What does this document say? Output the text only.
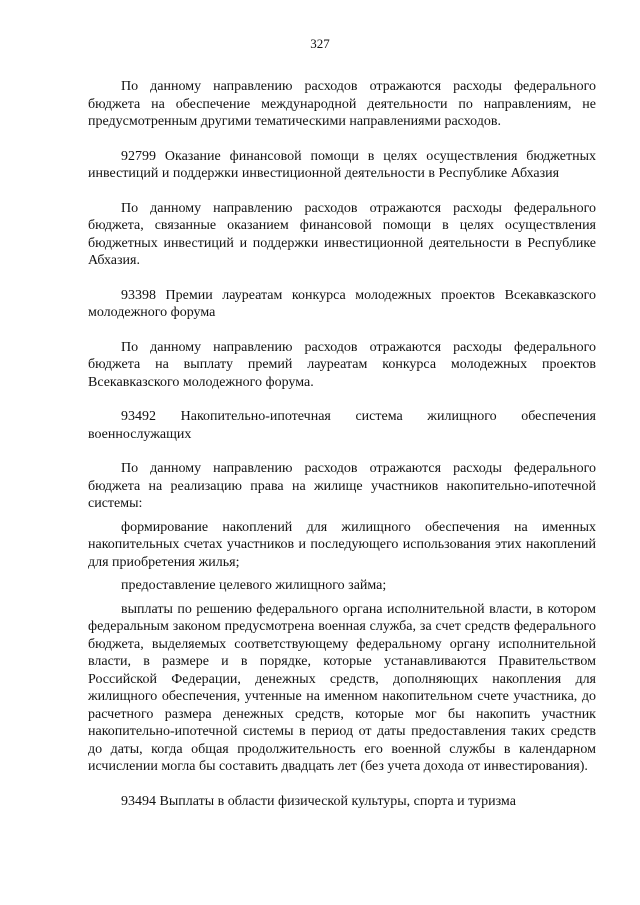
327

По данному направлению расходов отражаются расходы федерального бюджета на обеспечение международной деятельности по направлениям, не предусмотренным другими тематическими направлениями расходов.

92799 Оказание финансовой помощи в целях осуществления бюджетных инвестиций и поддержки инвестиционной деятельности в Республике Абхазия

По данному направлению расходов отражаются расходы федерального бюджета, связанные оказанием финансовой помощи в целях осуществления бюджетных инвестиций и поддержки инвестиционной деятельности в Республике Абхазия.

93398 Премии лауреатам конкурса молодежных проектов Всекавказского молодежного форума

По данному направлению расходов отражаются расходы федерального бюджета на выплату премий лауреатам конкурса молодежных проектов Всекавказского молодежного форума.

93492 Накопительно-ипотечная система жилищного обеспечения военнослужащих

По данному направлению расходов отражаются расходы федерального бюджета на реализацию права на жилище участников накопительно-ипотечной системы:

формирование накоплений для жилищного обеспечения на именных накопительных счетах участников и последующего использования этих накоплений для приобретения жилья;

предоставление целевого жилищного займа;

выплаты по решению федерального органа исполнительной власти, в котором федеральным законом предусмотрена военная служба, за счет средств федерального бюджета, выделяемых соответствующему федеральному органу исполнительной власти, в размере и в порядке, которые устанавливаются Правительством Российской Федерации, денежных средств, дополняющих накопления для жилищного обеспечения, учтенные на именном накопительном счете участника, до расчетного размера денежных средств, которые мог бы накопить участник накопительно-ипотечной системы в период от даты предоставления таких средств до даты, когда общая продолжительность его военной службы в календарном исчислении могла бы составить двадцать лет (без учета дохода от инвестирования).

93494 Выплаты в области физической культуры, спорта и туризма
